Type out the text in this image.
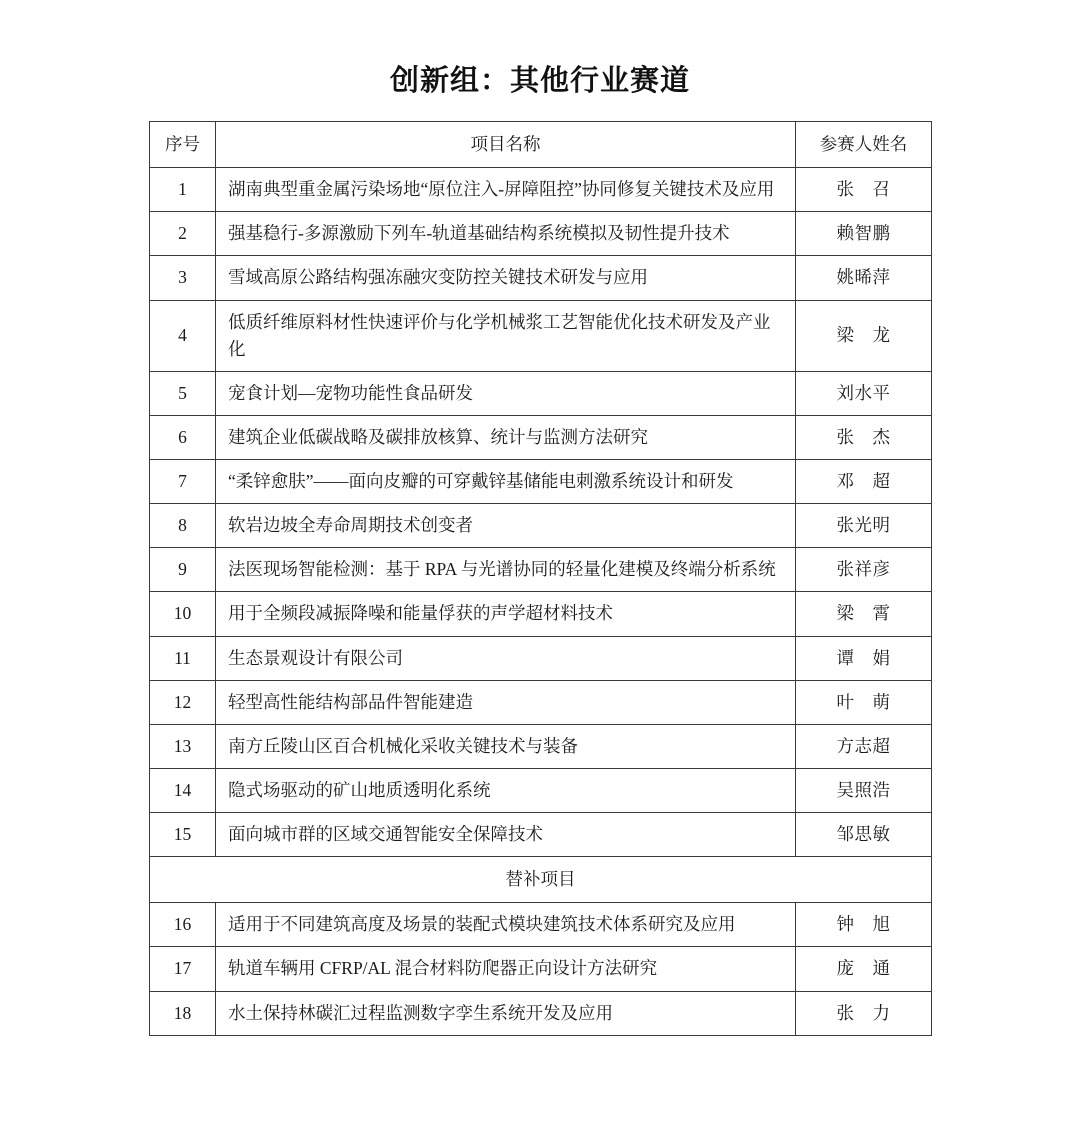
创新组：其他行业赛道
序号	项目名称	参赛人姓名
1	湖南典型重金属污染场地“原位注入-屏障阻控”协同修复关键技术及应用	张　召
2	强基稳行-多源激励下列车-轨道基础结构系统模拟及韧性提升技术	赖智鹏
3	雪域高原公路结构强冻融灾变防控关键技术研发与应用	姚晞萍
4	低质纤维原料材性快速评价与化学机械浆工艺智能优化技术研发及产业化	梁　龙
5	宠食计划—宠物功能性食品研发	刘水平
6	建筑企业低碳战略及碳排放核算、统计与监测方法研究	张　杰
7	“柔锌愈肤”——面向皮瓣的可穿戴锌基储能电刺激系统设计和研发	邓　超
8	软岩边坡全寿命周期技术创变者	张光明
9	法医现场智能检测：基于 RPA 与光谱协同的轻量化建模及终端分析系统	张祥彦
10	用于全频段减振降噪和能量俘获的声学超材料技术	梁　霄
11	生态景观设计有限公司	谭　娟
12	轻型高性能结构部品件智能建造	叶　萌
13	南方丘陵山区百合机械化采收关键技术与装备	方志超
14	隐式场驱动的矿山地质透明化系统	吴照浩
15	面向城市群的区域交通智能安全保障技术	邹思敏
替补项目		
16	适用于不同建筑高度及场景的装配式模块建筑技术体系研究及应用	钟　旭
17	轨道车辆用 CFRP/AL 混合材料防爬器正向设计方法研究	庞　通
18	水土保持林碳汇过程监测数字孪生系统开发及应用	张　力
